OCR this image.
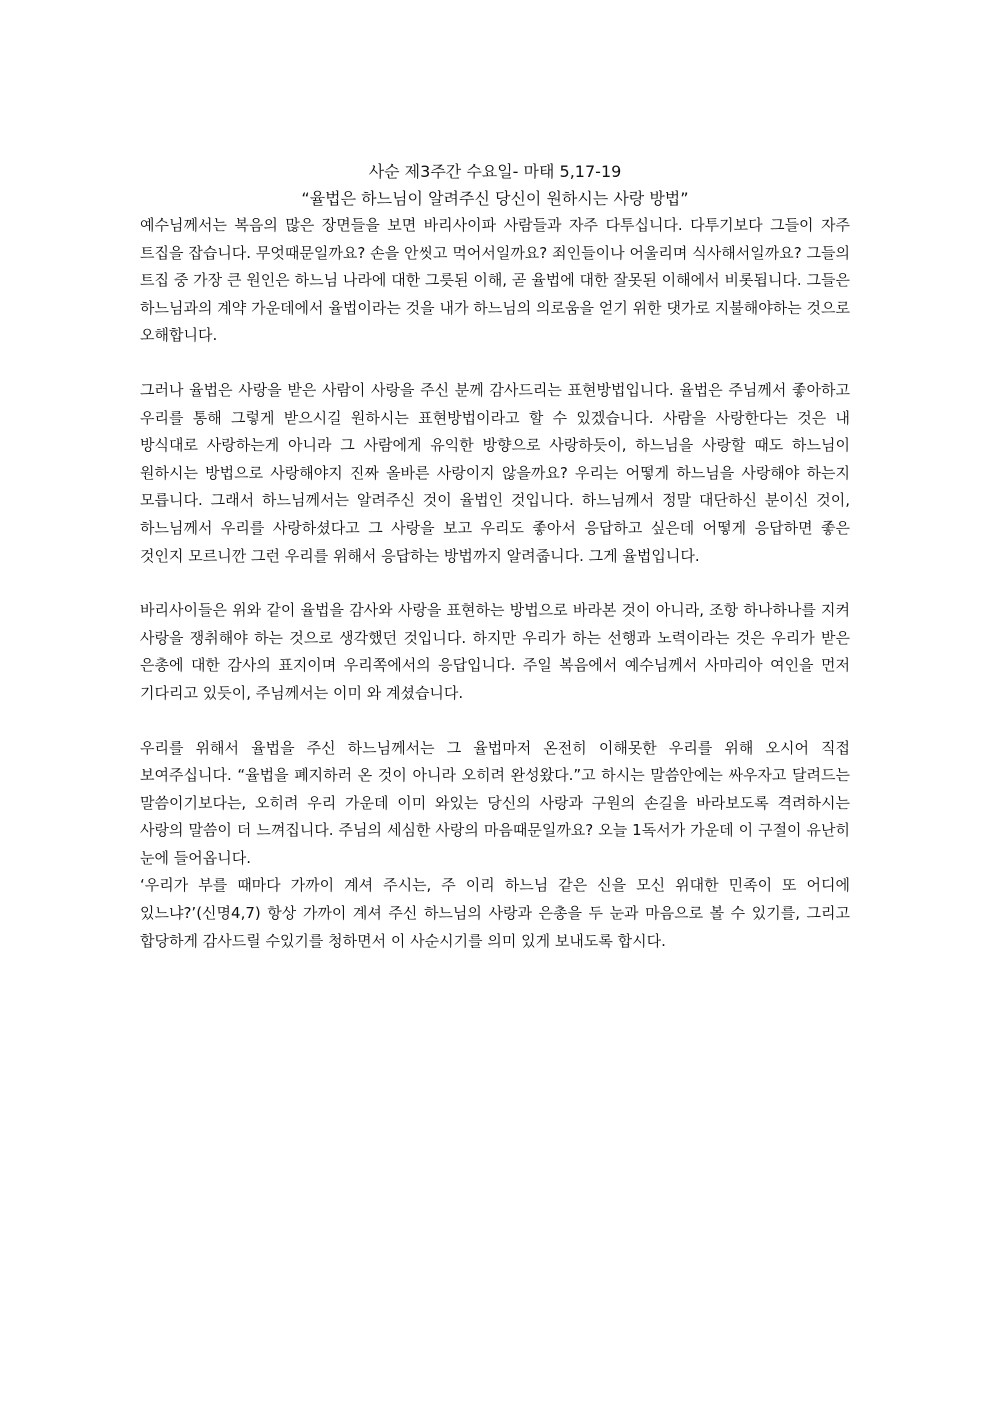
사순 제3주간 수요일- 마태 5,17-19

“율법은 하느님이 알려주신 당신이 원하시는 사랑 방법”

예수님께서는 복음의 많은 장면들을 보면 바리사이파 사람들과 자주 다투십니다. 다투기보다 그들이 자주 트집을 잡습니다. 무엇때문일까요? 손을 안씻고 먹어서일까요? 죄인들이나 어울리며 식사해서일까요? 그들의 트집 중 가장 큰 원인은 하느님 나라에 대한 그릇된 이해, 곧 율법에 대한 잘못된 이해에서 비롯됩니다. 그들은 하느님과의 계약 가운데에서 율법이라는 것을 내가 하느님의 의로움을 얻기 위한 댓가로 지불해야하는 것으로 오해합니다.

그러나 율법은 사랑을 받은 사람이 사랑을 주신 분께 감사드리는 표현방법입니다. 율법은 주님께서 좋아하고 우리를 통해 그렇게 받으시길 원하시는 표현방법이라고 할 수 있겠습니다. 사람을 사랑한다는 것은 내 방식대로 사랑하는게 아니라 그 사람에게 유익한 방향으로 사랑하듯이, 하느님을 사랑할 때도 하느님이 원하시는 방법으로 사랑해야지 진짜 올바른 사랑이지 않을까요? 우리는 어떻게 하느님을 사랑해야 하는지 모릅니다. 그래서 하느님께서는 알려주신 것이 율법인 것입니다. 하느님께서 정말 대단하신 분이신 것이, 하느님께서 우리를 사랑하셨다고 그 사랑을 보고 우리도 좋아서 응답하고 싶은데 어떻게 응답하면 좋은 것인지 모르니깐 그런 우리를 위해서 응답하는 방법까지 알려줍니다. 그게 율법입니다.

바리사이들은 위와 같이 율법을 감사와 사랑을 표현하는 방법으로 바라본 것이 아니라, 조항 하나하나를 지켜 사랑을 쟁취해야 하는 것으로 생각했던 것입니다. 하지만 우리가 하는 선행과 노력이라는 것은 우리가 받은 은총에 대한 감사의 표지이며 우리쪽에서의 응답입니다. 주일 복음에서 예수님께서 사마리아 여인을 먼저 기다리고 있듯이, 주님께서는 이미 와 계셨습니다.

우리를 위해서 율법을 주신 하느님께서는 그 율법마저 온전히 이해못한 우리를 위해 오시어 직접 보여주십니다. “율법을 폐지하러 온 것이 아니라 오히려 완성왔다.”고 하시는 말씀안에는 싸우자고 달려드는 말씀이기보다는, 오히려 우리 가운데 이미 와있는 당신의 사랑과 구원의 손길을 바라보도록 격려하시는 사랑의 말씀이 더 느껴집니다. 주님의 세심한 사랑의 마음때문일까요? 오늘 1독서가 가운데 이 구절이 유난히 눈에 들어옵니다.

‘우리가 부를 때마다 가까이 계셔 주시는, 주 이리 하느님 같은 신을 모신 위대한 민족이 또 어디에 있느냐?’(신명4,7) 항상 가까이 계셔 주신 하느님의 사랑과 은총을 두 눈과 마음으로 볼 수 있기를, 그리고 합당하게 감사드릴 수있기를 청하면서 이 사순시기를 의미 있게 보내도록 합시다.
